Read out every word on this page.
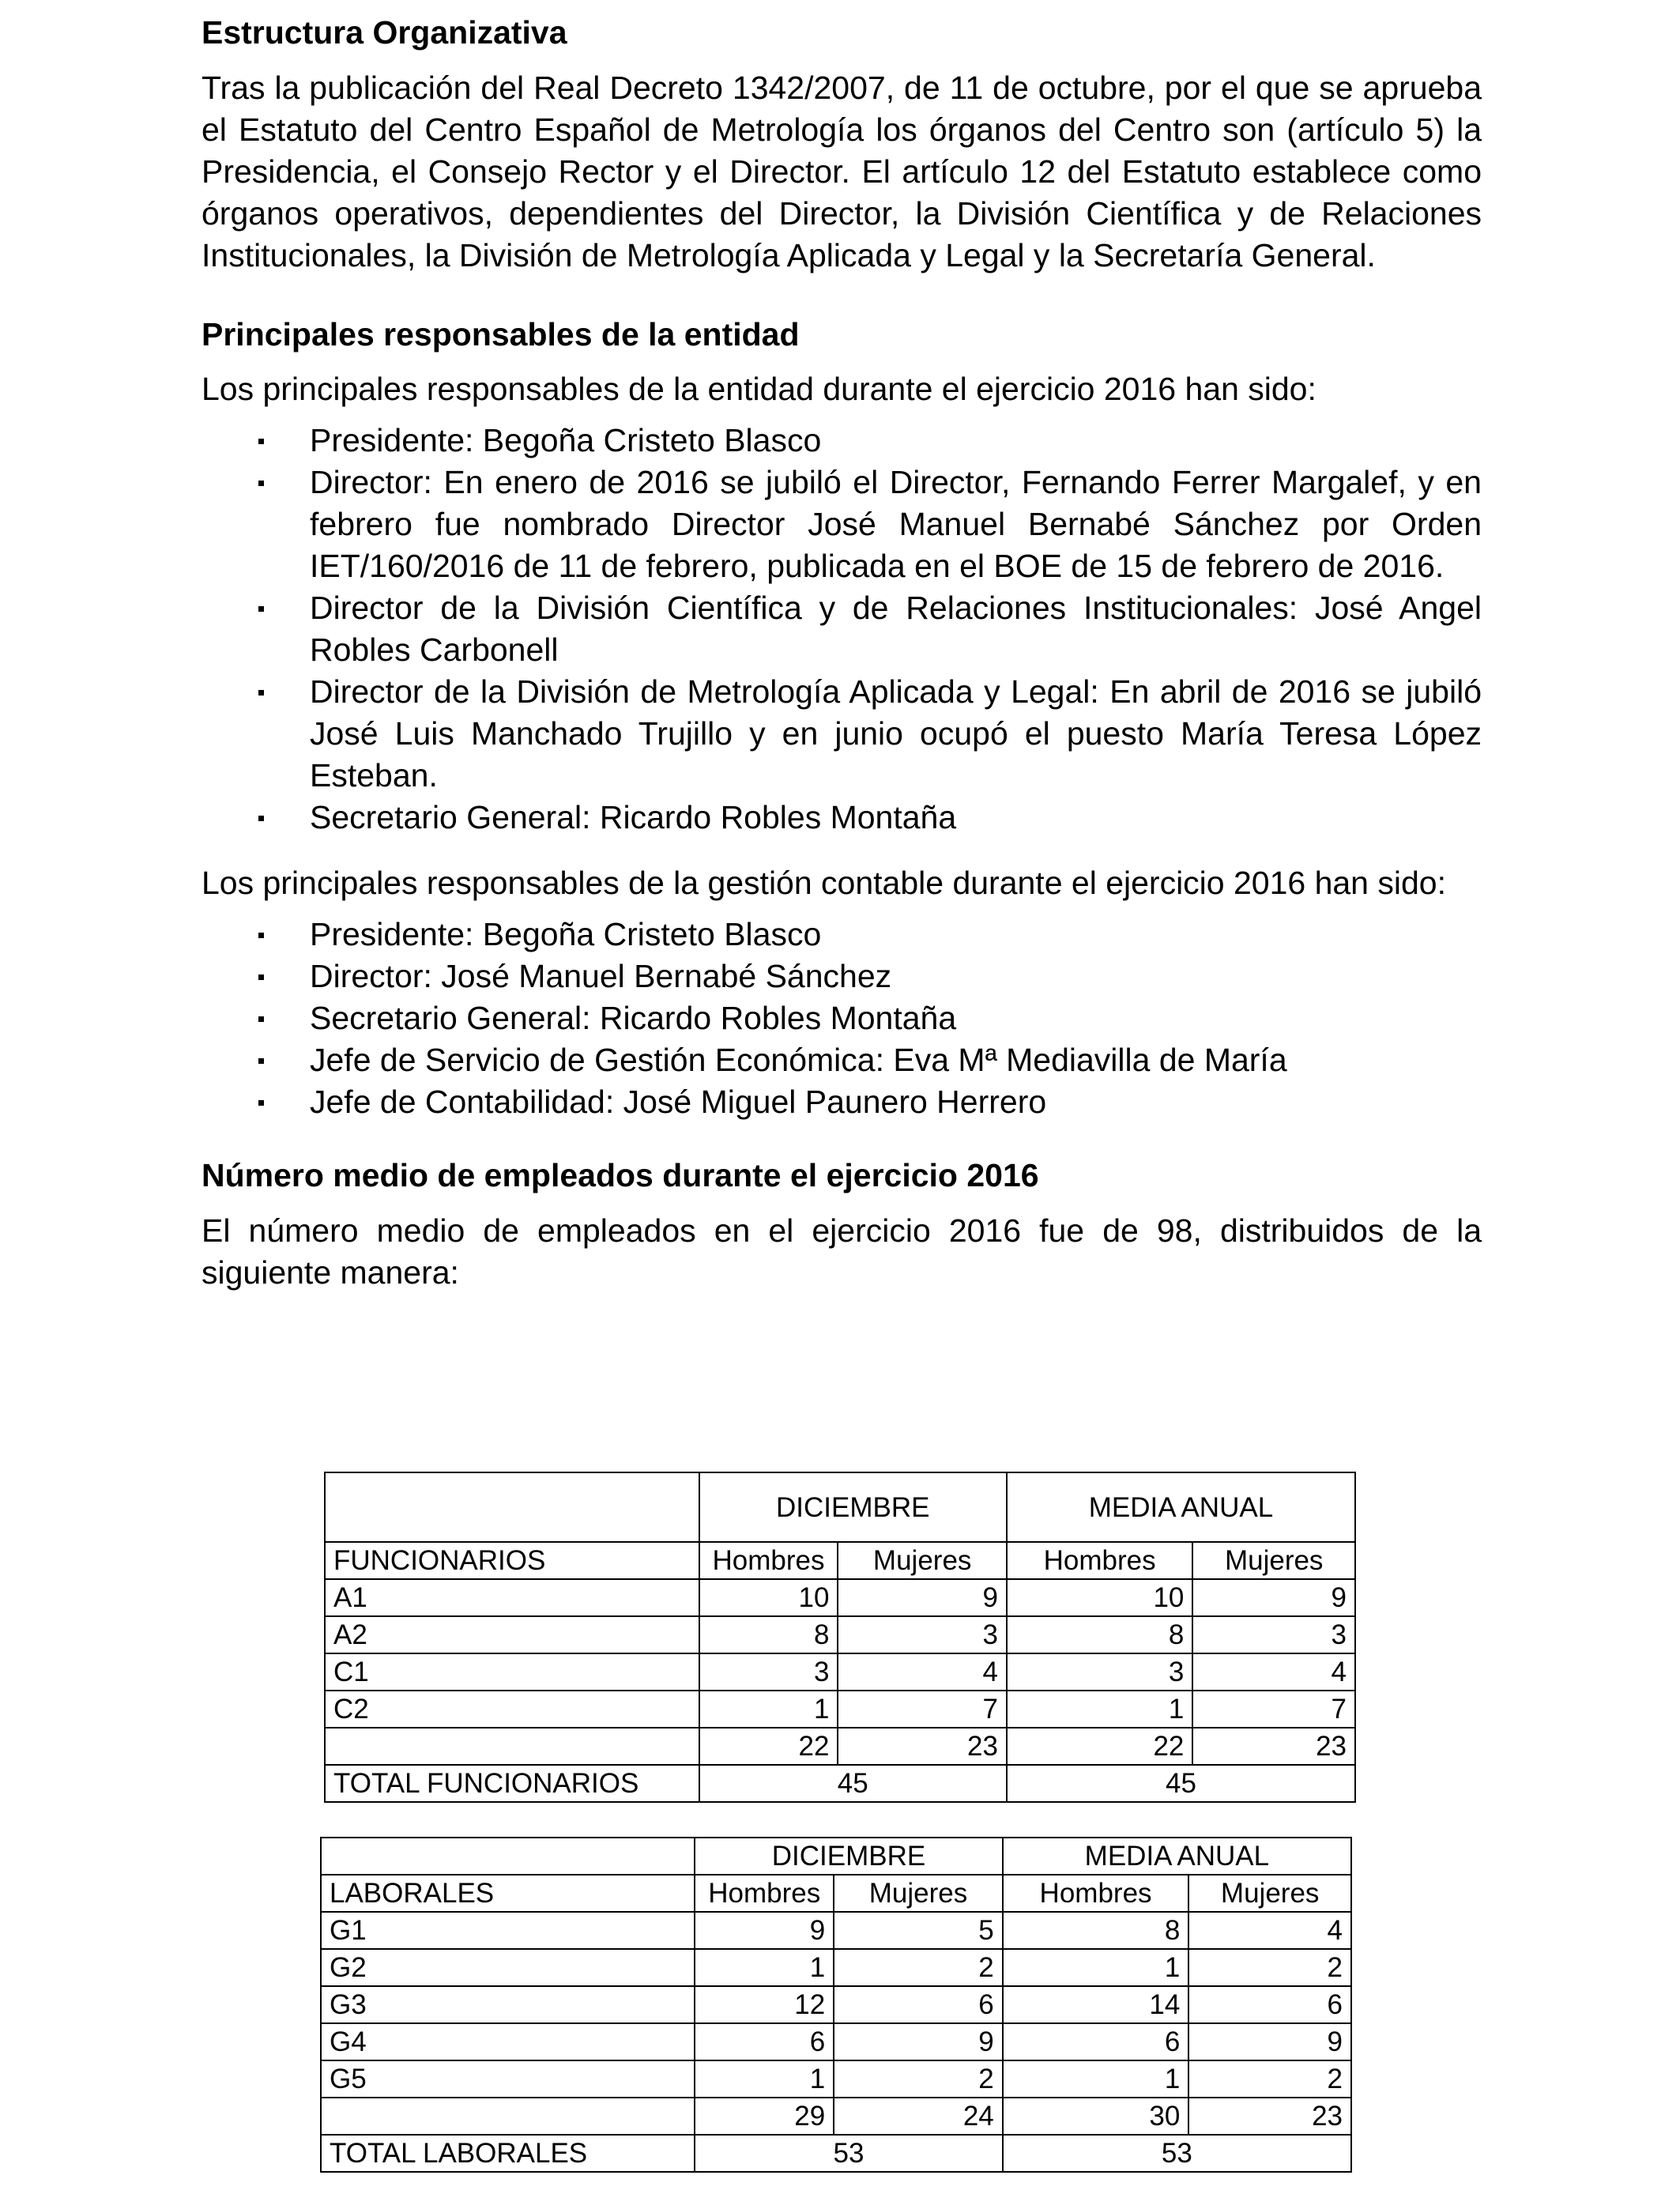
Estructura Organizativa

Tras la publicación del Real Decreto 1342/2007, de 11 de octubre, por el que se aprueba el Estatuto del Centro Español de Metrología los órganos del Centro son (artículo 5) la Presidencia, el Consejo Rector y el Director. El artículo 12 del Estatuto establece como órganos operativos, dependientes del Director, la División Científica y de Relaciones Institucionales, la División de Metrología Aplicada y Legal y la Secretaría General.

Principales responsables de la entidad

Los principales responsables de la entidad durante el ejercicio 2016 han sido:

Presidente: Begoña Cristeto Blasco
Director: En enero de 2016 se jubiló el Director, Fernando Ferrer Margalef, y en febrero fue nombrado Director José Manuel Bernabé Sánchez por Orden IET/160/2016 de 11 de febrero, publicada en el BOE de 15 de febrero de 2016.
Director de la División Científica y de Relaciones Institucionales: José Angel Robles Carbonell
Director de la División de Metrología Aplicada y Legal: En abril de 2016 se jubiló José Luis Manchado Trujillo y en junio ocupó el puesto María Teresa López Esteban.
Secretario General: Ricardo Robles Montaña

Los principales responsables de la gestión contable durante el ejercicio 2016 han sido:

Presidente: Begoña Cristeto Blasco
Director: José Manuel Bernabé Sánchez
Secretario General: Ricardo Robles Montaña
Jefe de Servicio de Gestión Económica: Eva Mª Mediavilla de María
Jefe de Contabilidad: José Miguel Paunero Herrero
Número medio de empleados durante el ejercicio 2016

El número medio de empleados en el ejercicio 2016 fue de 98, distribuidos de la siguiente manera:

	DICIEMBRE		MEDIA ANUAL	
FUNCIONARIOS	Hombres	Mujeres	Hombres	Mujeres
A1	10	9	10	9
A2	8	3	8	3
C1	3	4	3	4
C2	1	7	1	7
	22	23	22	23
TOTAL FUNCIONARIOS	45		45	
	DICIEMBRE		MEDIA ANUAL	
LABORALES	Hombres	Mujeres	Hombres	Mujeres
G1	9	5	8	4
G2	1	2	1	2
G3	12	6	14	6
G4	6	9	6	9
G5	1	2	1	2
	29	24	30	23
TOTAL LABORALES	53		53	
